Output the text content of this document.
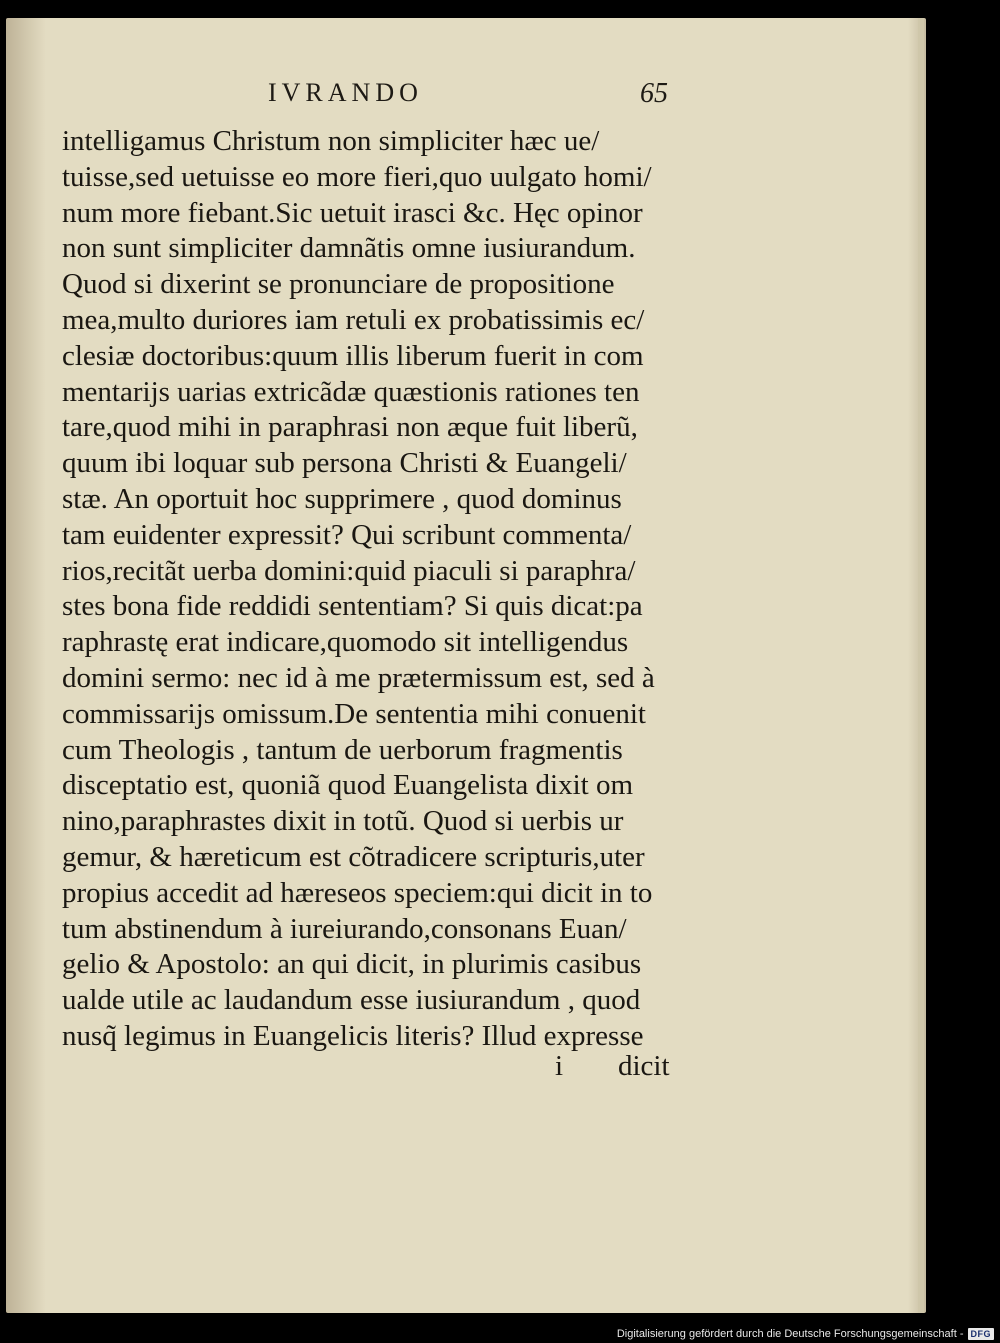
IVRANDO	65
intelligamus Christum non simpliciter hæc ue/
tuisse,sed uetuisse eo more fieri,quo uulgato homi/
num more fiebant.Sic uetuit irasci &c. Hęc opinor
non sunt simpliciter damnãtis omne iusiurandum.
Quod si dixerint se pronunciare de propositione
mea,multo duriores iam retuli ex probatissimis ec/
clesiæ doctoribus:quum illis liberum fuerit in com
mentarijs uarias extricãdæ quæstionis rationes ten
tare,quod mihi in paraphrasi non æque fuit liberũ,
quum ibi loquar sub persona Christi & Euangeli/
stæ. An oportuit hoc supprimere , quod dominus
tam euidenter expressit? Qui scribunt commenta/
rios,recitãt uerba domini:quid piaculi si paraphra/
stes bona fide reddidi sententiam? Si quis dicat:pa
raphrastę erat indicare,quomodo sit intelligendus
domini sermo: nec id à me prætermissum est, sed à
commissarijs omissum.De sententia mihi conuenit
cum Theologis , tantum de uerborum fragmentis
disceptatio est, quoniã quod Euangelista dixit om
nino,paraphrastes dixit in totũ. Quod si uerbis ur
gemur, & hæreticum est cõtradicere scripturis,uter
propius accedit ad hæreseos speciem:qui dicit in to
tum abstinendum à iureiurando,consonans Euan/
gelio & Apostolo: an qui dicit, in plurimis casibus
ualde utile ac laudandum esse iusiurandum , quod
nusq̃ legimus in Euangelicis literis? Illud expresse
i dicit
Digitalisierung gefördert durch die Deutsche Forschungsgemeinschaft - DFG
